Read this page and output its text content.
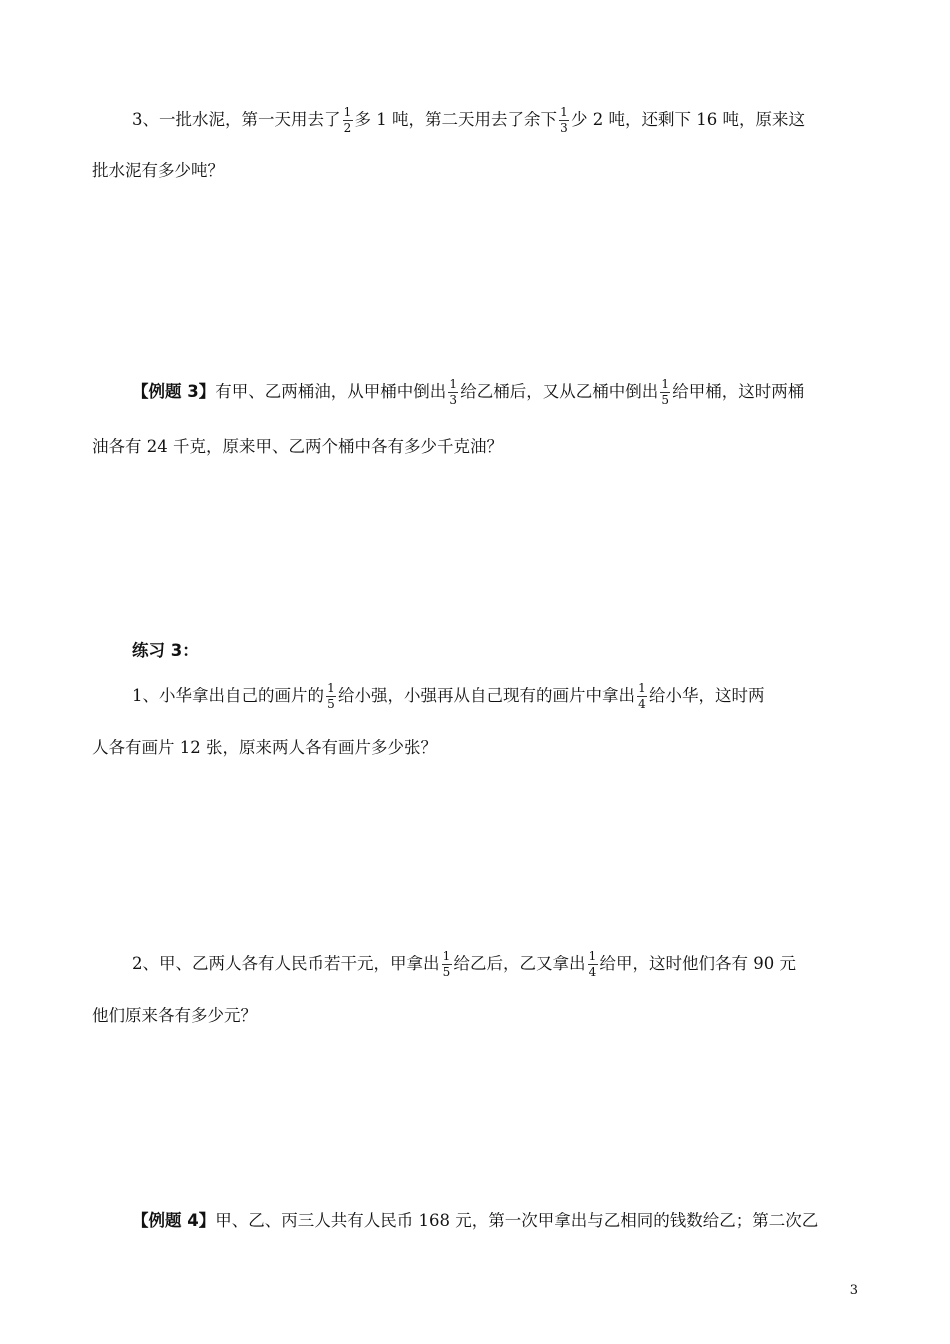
3、一批水泥，第一天用去了 $\frac{1}{2}$ 多 1 吨，第二天用去了余下 $\frac{1}{3}$ 少 2 吨，还剩下 16 吨，原来这
批水泥有多少吨？
【例题 3】有甲、乙两桶油，从甲桶中倒出 $\frac{1}{3}$ 给乙桶后，又从乙桶中倒出 $\frac{1}{5}$ 给甲桶，这时两桶
油各有 24 千克，原来甲、乙两个桶中各有多少千克油？
练习 3：
1、小华拿出自己的画片的 $\frac{1}{5}$ 给小强，小强再从自己现有的画片中拿出 $\frac{1}{4}$ 给小华，这时两
人各有画片 12 张，原来两人各有画片多少张？
2、甲、乙两人各有人民币若干元，甲拿出 $\frac{1}{5}$ 给乙后，乙又拿出 $\frac{1}{4}$ 给甲，这时他们各有 90 元
他们原来各有多少元？
【例题 4】甲、乙、丙三人共有人民币 168 元，第一次甲拿出与乙相同的钱数给乙；第二次乙
3
